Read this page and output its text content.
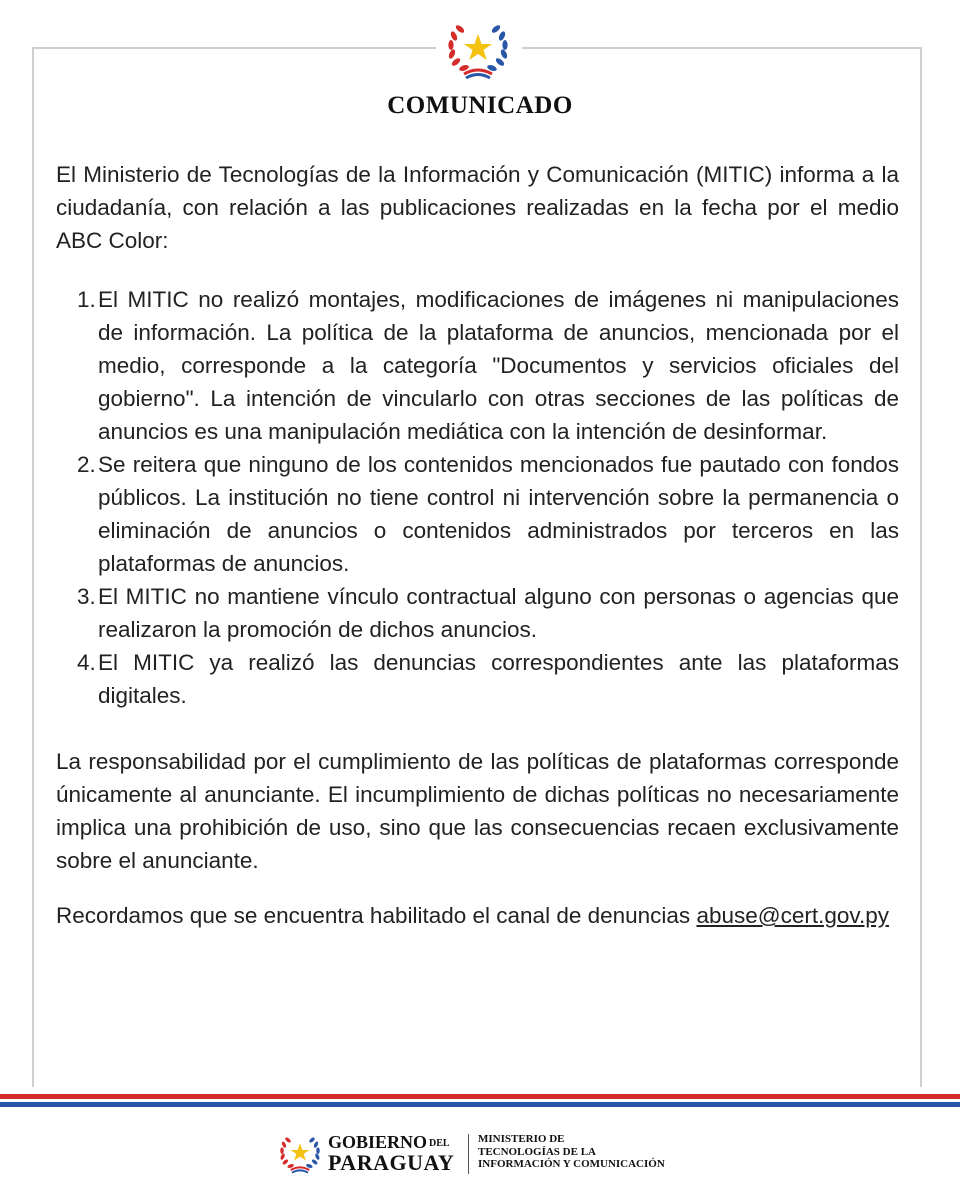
COMUNICADO

El Ministerio de Tecnologías de la Información y Comunicación (MITIC) informa a la ciudadanía, con relación a las publicaciones realizadas en la fecha por el medio ABC Color:

1. El MITIC no realizó montajes, modificaciones de imágenes ni manipulaciones de información. La política de la plataforma de anuncios, mencionada por el medio, corresponde a la categoría "Documentos y servicios oficiales del gobierno". La intención de vincularlo con otras secciones de las políticas de anuncios es una manipulación mediática con la intención de desinformar.
2. Se reitera que ninguno de los contenidos mencionados fue pautado con fondos públicos. La institución no tiene control ni intervención sobre la permanencia o eliminación de anuncios o contenidos administrados por terceros en las plataformas de anuncios.
3. El MITIC no mantiene vínculo contractual alguno con personas o agencias que realizaron la promoción de dichos anuncios.
4. El MITIC ya realizó las denuncias correspondientes ante las plataformas digitales.

La responsabilidad por el cumplimiento de las políticas de plataformas corresponde únicamente al anunciante. El incumplimiento de dichas políticas no necesariamente implica una prohibición de uso, sino que las consecuencias recaen exclusivamente sobre el anunciante.

Recordamos que se encuentra habilitado el canal de denuncias abuse@cert.gov.py

GOBIERNO DEL
PARAGUAY
MINISTERIO DE
TECNOLOGÍAS DE LA
INFORMACIÓN Y COMUNICACIÓN
